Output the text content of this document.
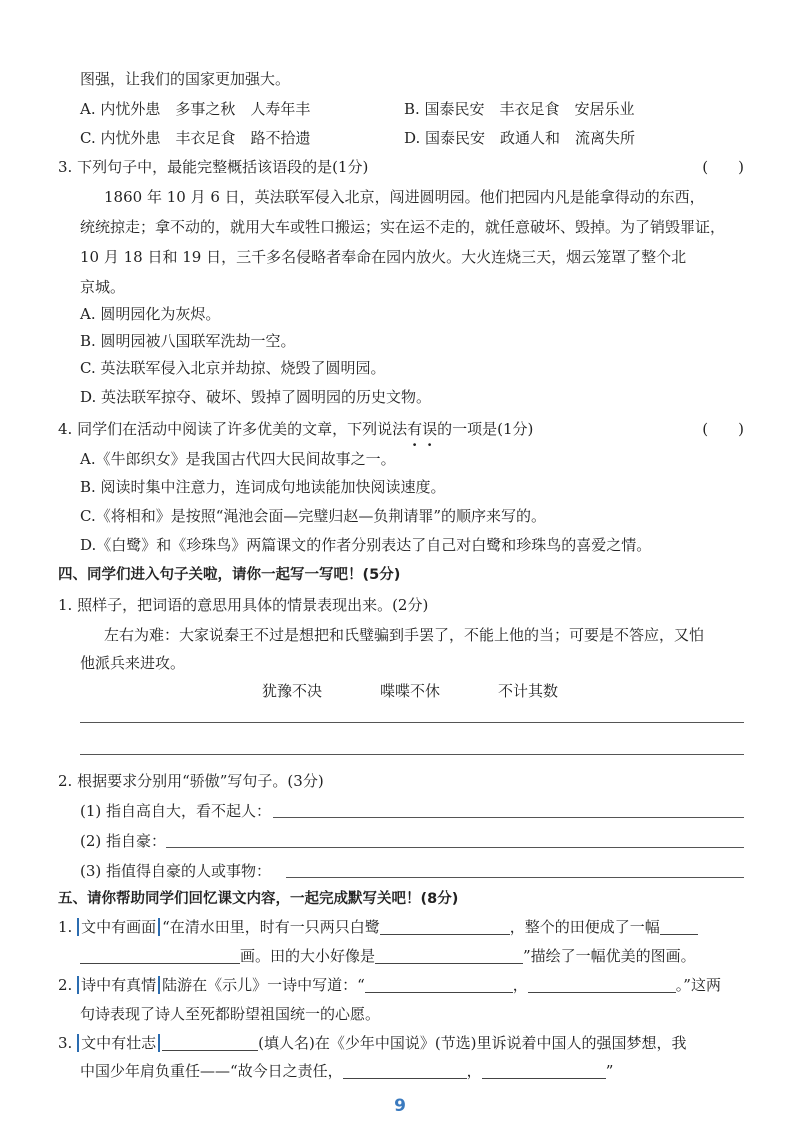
图强，让我们的国家更加强大。
A. 内忧外患　多事之秋　人寿年丰	B. 国泰民安　丰衣足食　安居乐业
C. 内忧外患　丰衣足食　路不拾遗	D. 国泰民安　政通人和　流离失所
3. 下列句子中，最能完整概括该语段的是(1分)	(　　)
1860 年 10 月 6 日，英法联军侵入北京，闯进圆明园。他们把园内凡是能拿得动的东西，
统统掠走；拿不动的，就用大车或牲口搬运；实在运不走的，就任意破坏、毁掉。为了销毁罪证，
10 月 18 日和 19 日，三千多名侵略者奉命在园内放火。大火连烧三天，烟云笼罩了整个北
京城。
A. 圆明园化为灰烬。
B. 圆明园被八国联军洗劫一空。
C. 英法联军侵入北京并劫掠、烧毁了圆明园。
D. 英法联军掠夺、破坏、毁掉了圆明园的历史文物。
4. 同学们在活动中阅读了许多优美的文章，下列说法有误的一项是(1分)	(　　)
A.《牛郎织女》是我国古代四大民间故事之一。
B. 阅读时集中注意力，连词成句地读能加快阅读速度。
C.《将相和》是按照“渑池会面—完璧归赵—负荆请罪”的顺序来写的。
D.《白鹭》和《珍珠鸟》两篇课文的作者分别表达了自己对白鹭和珍珠鸟的喜爱之情。
四、同学们进入句子关啦，请你一起写一写吧！(5分)
1. 照样子，把词语的意思用具体的情景表现出来。(2分)
左右为难：大家说秦王不过是想把和氏璧骗到手罢了，不能上他的当；可要是不答应，又怕
他派兵来进攻。
犹豫不决	喋喋不休	不计其数
2. 根据要求分别用“骄傲”写句子。(3分)
(1) 指自高自大，看不起人：
(2) 指自豪：
(3) 指值得自豪的人或事物：
五、请你帮助同学们回忆课文内容，一起完成默写关吧！(8分)
1. 文中有画面 “在清水田里，时有一只两只白鹭	，整个的田便成了一幅
画。田的大小好像是	”描绘了一幅优美的图画。
2. 诗中有真情 陆游在《示儿》一诗中写道：“	，	。”这两
句诗表现了诗人至死都盼望祖国统一的心愿。
3. 文中有壮志	(填人名)在《少年中国说》(节选)里诉说着中国人的强国梦想，我
中国少年肩负重任——“故今日之责任，	，	”
9
